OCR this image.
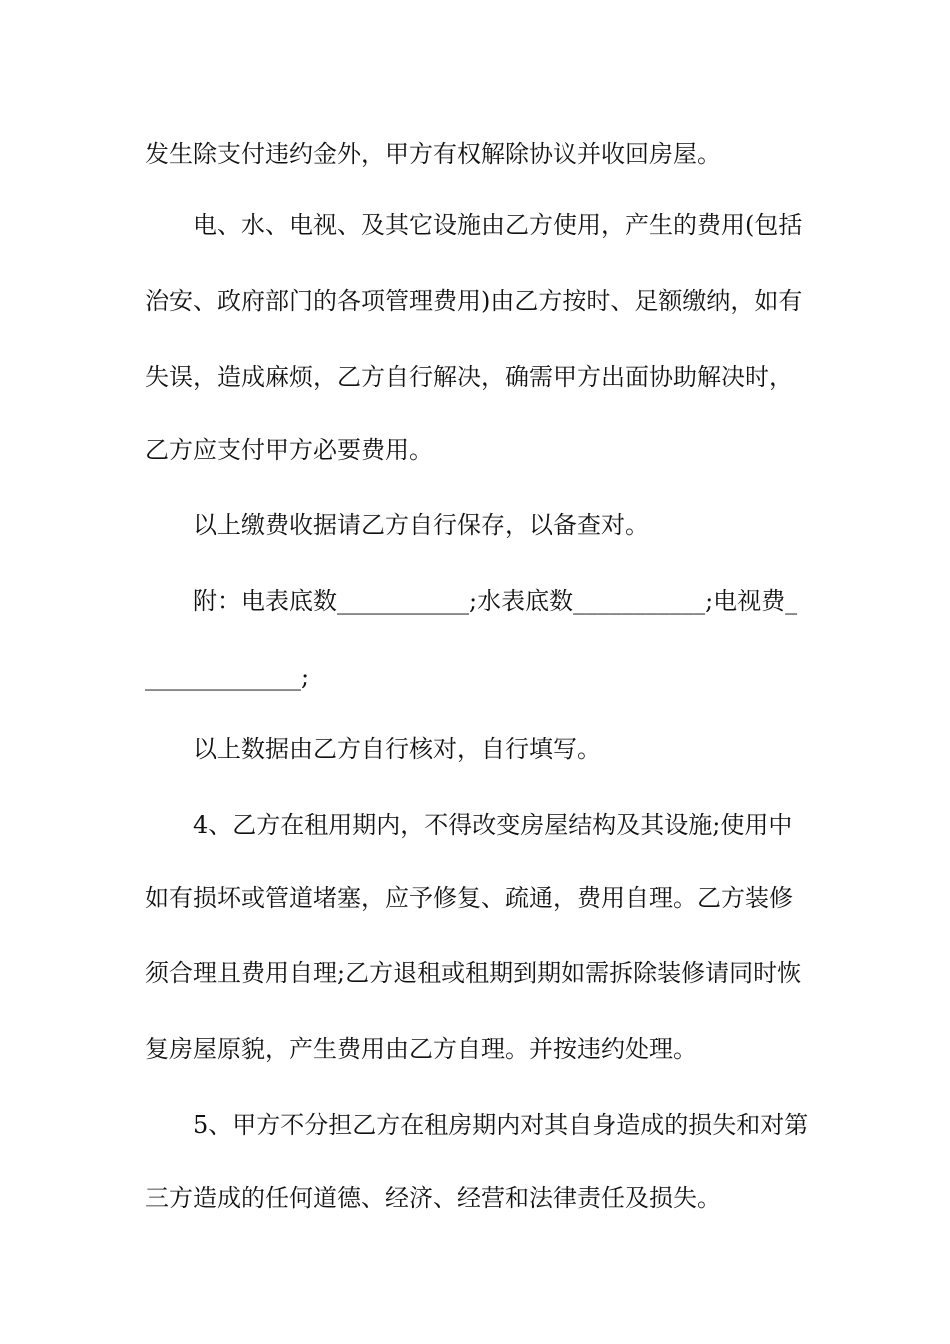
发生除支付违约金外，甲方有权解除协议并收回房屋。
电、水、电视、及其它设施由乙方使用，产生的费用(包括
治安、政府部门的各项管理费用)由乙方按时、足额缴纳，如有
失误，造成麻烦，乙方自行解决，确需甲方出面协助解决时，
乙方应支付甲方必要费用。
以上缴费收据请乙方自行保存，以备查对。
附：电表底数___________;水表底数___________;电视费_
_____________;
以上数据由乙方自行核对，自行填写。
4、乙方在租用期内，不得改变房屋结构及其设施;使用中
如有损坏或管道堵塞，应予修复、疏通，费用自理。乙方装修
须合理且费用自理;乙方退租或租期到期如需拆除装修请同时恢
复房屋原貌，产生费用由乙方自理。并按违约处理。
5、甲方不分担乙方在租房期内对其自身造成的损失和对第
三方造成的任何道德、经济、经营和法律责任及损失。
